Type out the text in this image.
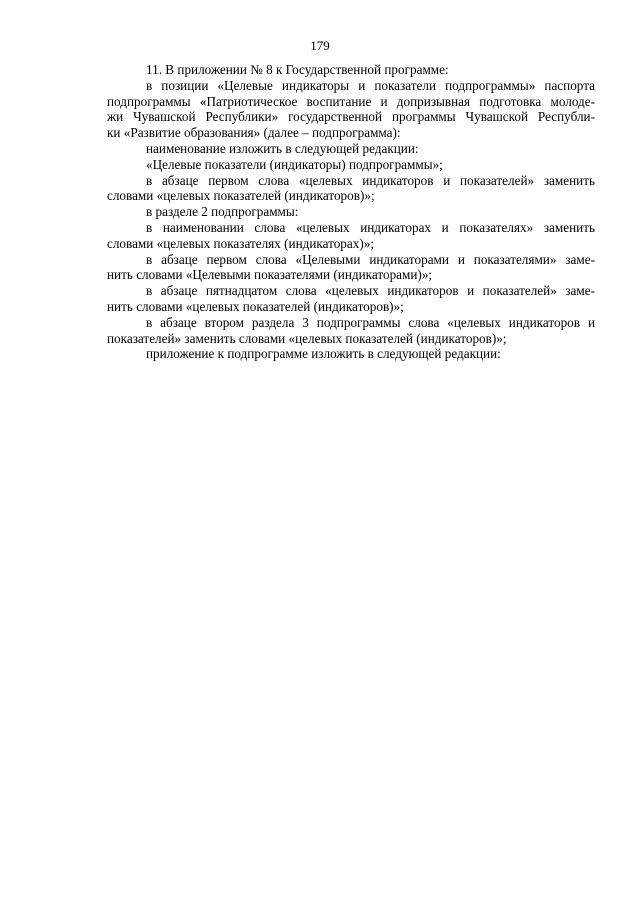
179
11. В приложении № 8 к Государственной программе:
в позиции «Целевые индикаторы и показатели подпрограммы» паспорта
подпрограммы «Патриотическое воспитание и допризывная подготовка молоде-
жи Чувашской Республики» государственной программы Чувашской Республи-
ки «Развитие образования» (далее – подпрограмма):
наименование изложить в следующей редакции:
«Целевые показатели (индикаторы) подпрограммы»;
в абзаце первом слова «целевых индикаторов и показателей» заменить
словами «целевых показателей (индикаторов)»;
в разделе 2 подпрограммы:
в наименовании слова «целевых индикаторах и показателях» заменить
словами «целевых показателях (индикаторах)»;
в абзаце первом слова «Целевыми индикаторами и показателями» заме-
нить словами «Целевыми показателями (индикаторами)»;
в абзаце пятнадцатом слова «целевых индикаторов и показателей» заме-
нить словами «целевых показателей (индикаторов)»;
в абзаце втором раздела 3 подпрограммы слова «целевых индикаторов и
показателей» заменить словами «целевых показателей (индикаторов)»;
приложение к подпрограмме изложить в следующей редакции:
